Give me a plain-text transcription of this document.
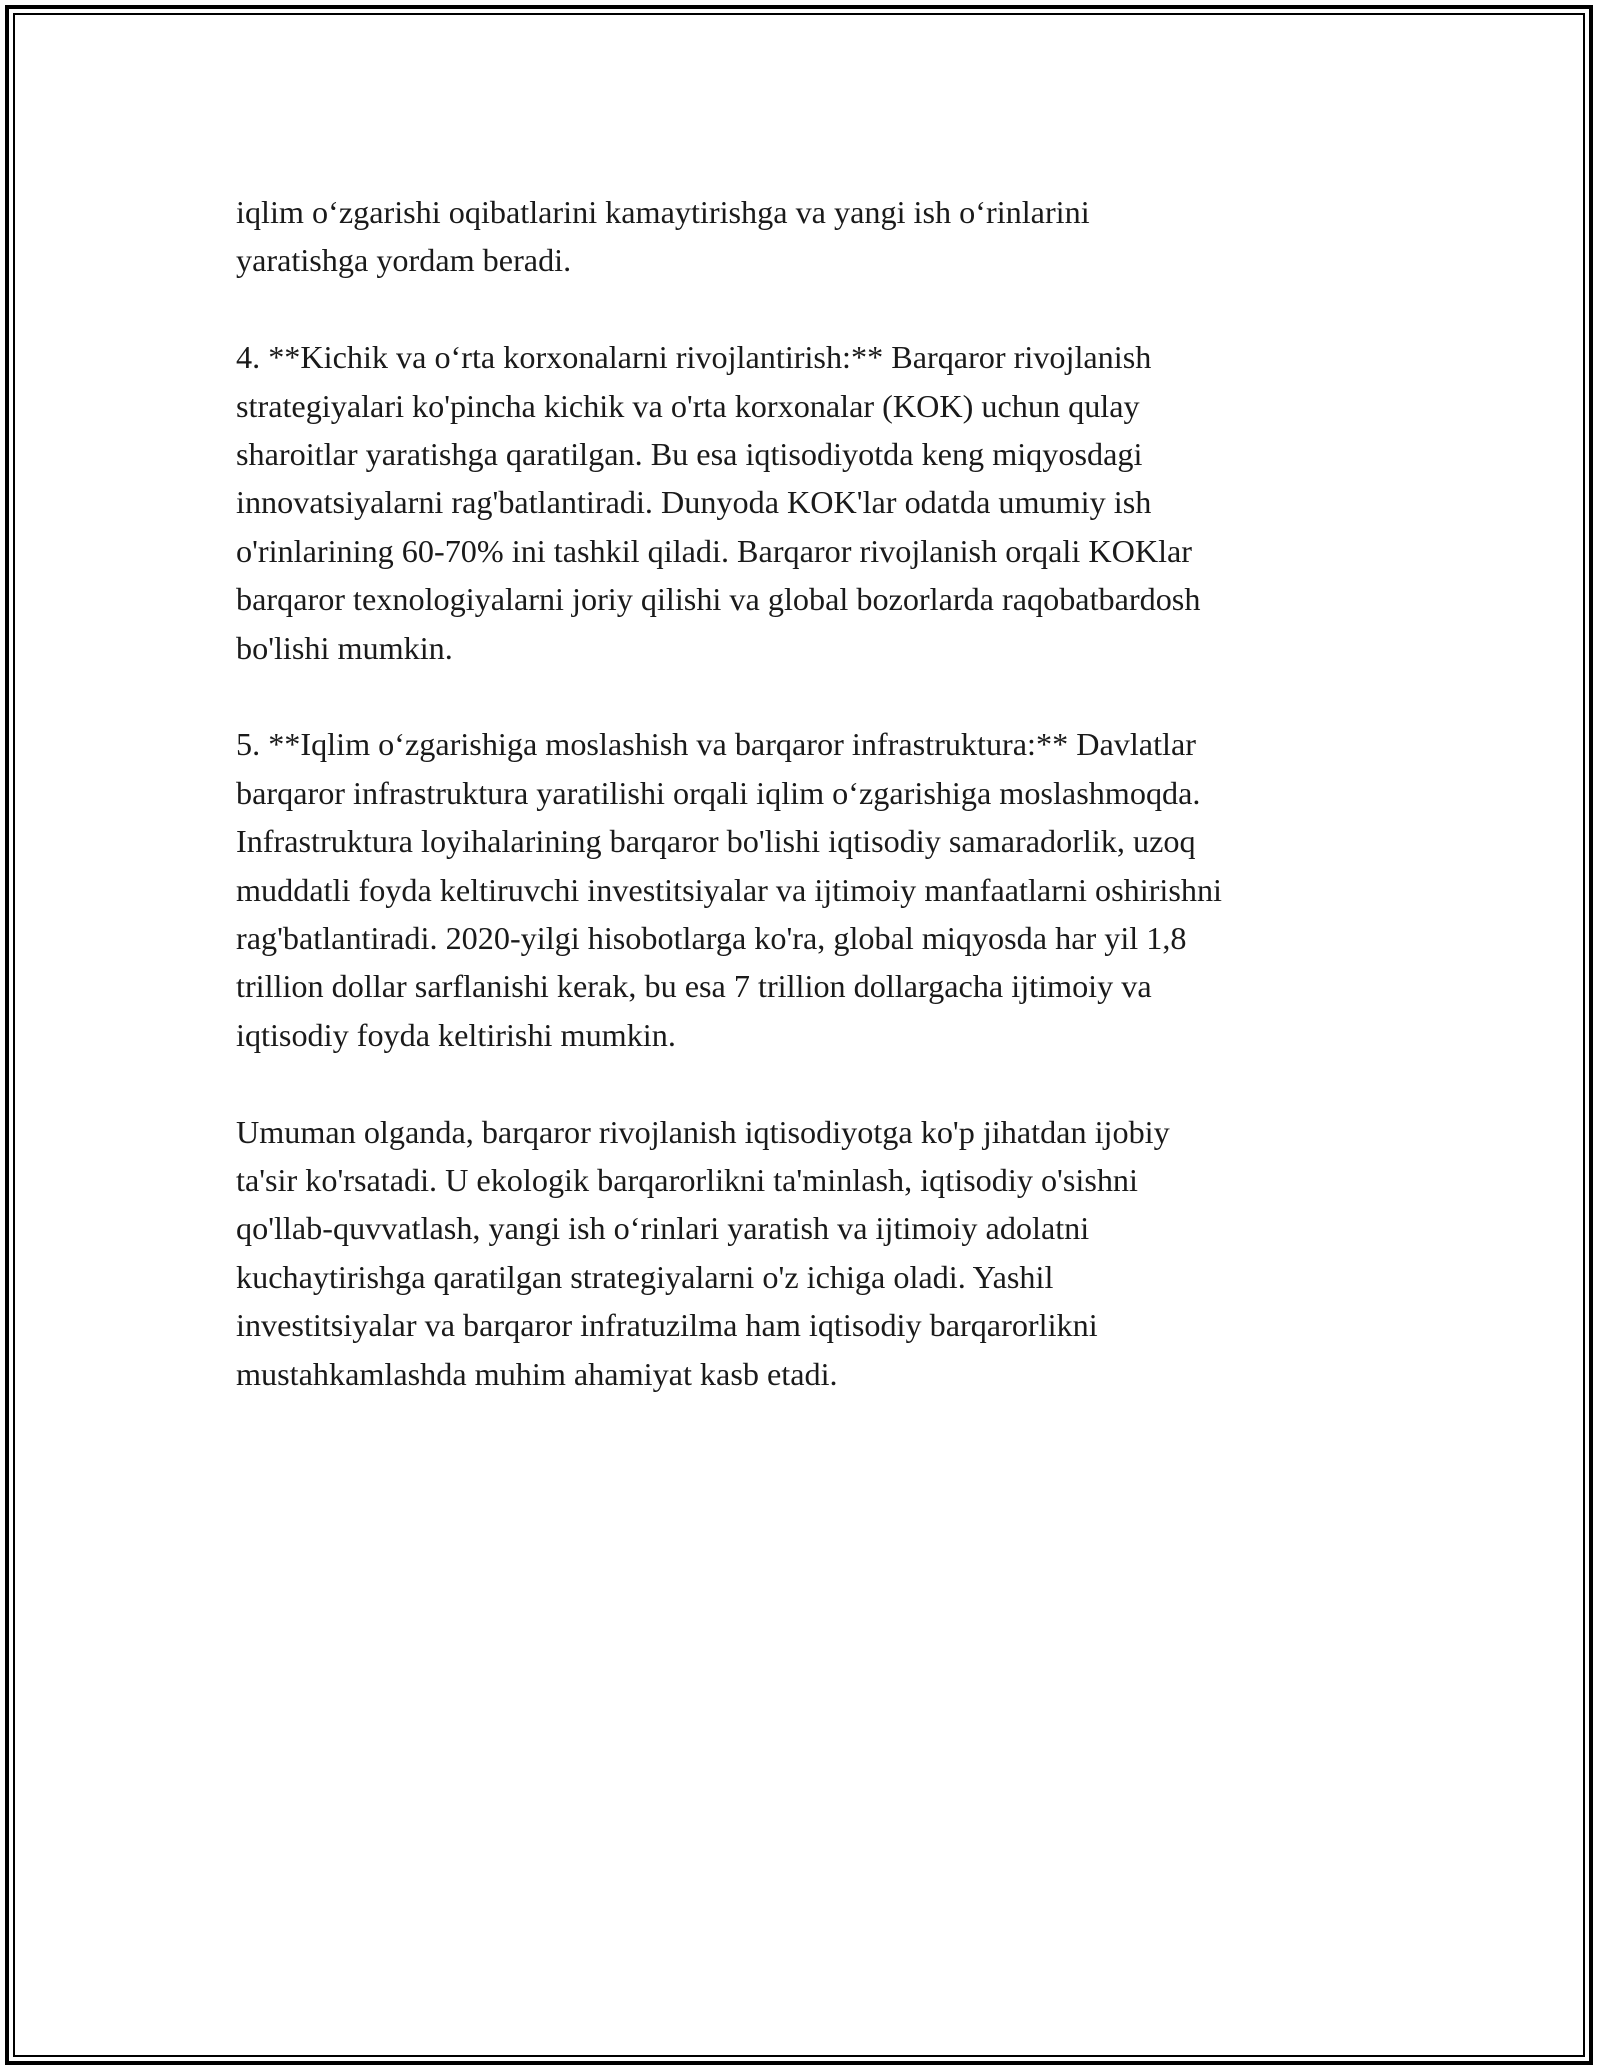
iqlim o‘zgarishi oqibatlarini kamaytirishga va yangi ish o‘rinlarini
yaratishga yordam beradi.

4. **Kichik va o‘rta korxonalarni rivojlantirish:** Barqaror rivojlanish
strategiyalari ko'pincha kichik va o'rta korxonalar (KOK) uchun qulay
sharoitlar yaratishga qaratilgan. Bu esa iqtisodiyotda keng miqyosdagi
innovatsiyalarni rag'batlantiradi. Dunyoda KOK'lar odatda umumiy ish
o'rinlarining 60-70% ini tashkil qiladi. Barqaror rivojlanish orqali KOKlar
barqaror texnologiyalarni joriy qilishi va global bozorlarda raqobatbardosh
bo'lishi mumkin.

5. **Iqlim o‘zgarishiga moslashish va barqaror infrastruktura:** Davlatlar
barqaror infrastruktura yaratilishi orqali iqlim o‘zgarishiga moslashmoqda.
Infrastruktura loyihalarining barqaror bo'lishi iqtisodiy samaradorlik, uzoq
muddatli foyda keltiruvchi investitsiyalar va ijtimoiy manfaatlarni oshirishni
rag'batlantiradi. 2020-yilgi hisobotlarga ko'ra, global miqyosda har yil 1,8
trillion dollar sarflanishi kerak, bu esa 7 trillion dollargacha ijtimoiy va
iqtisodiy foyda keltirishi mumkin.

Umuman olganda, barqaror rivojlanish iqtisodiyotga ko'p jihatdan ijobiy
ta'sir ko'rsatadi. U ekologik barqarorlikni ta'minlash, iqtisodiy o'sishni
qo'llab-quvvatlash, yangi ish o‘rinlari yaratish va ijtimoiy adolatni
kuchaytirishga qaratilgan strategiyalarni o'z ichiga oladi. Yashil
investitsiyalar va barqaror infratuzilma ham iqtisodiy barqarorlikni
mustahkamlashda muhim ahamiyat kasb etadi.
